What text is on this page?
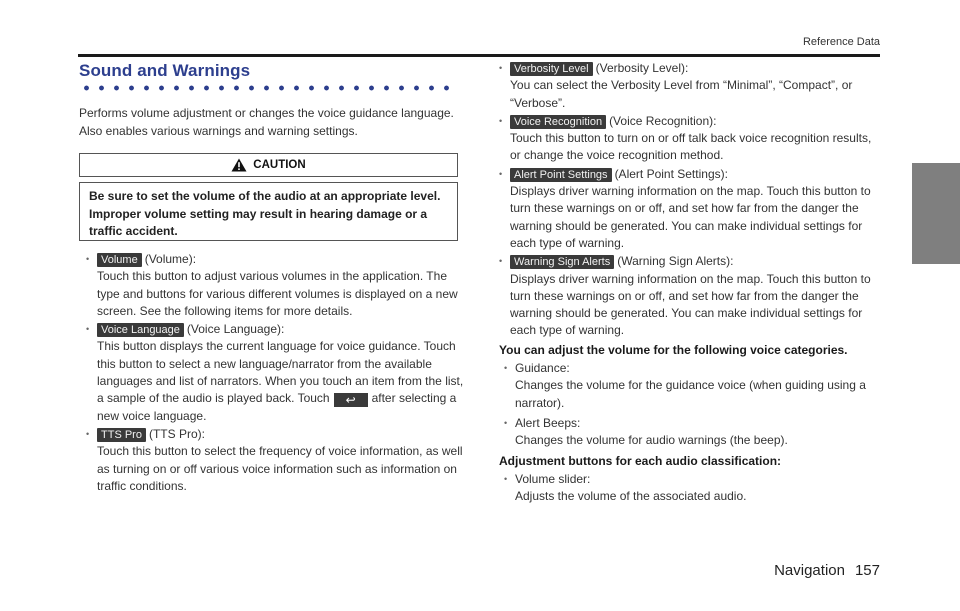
Reference Data
Sound and Warnings
Performs volume adjustment or changes the voice guidance language. Also enables various warnings and warning settings.
CAUTION
Be sure to set the volume of the audio at an appropriate level. Improper volume setting may result in hearing damage or a traffic accident.
•	Volume (Volume):

Touch this button to adjust various volumes in the application. The type and buttons for various different volumes is displayed on a new screen. See the following items for more details.

•	Voice Language (Voice Language):

This button displays the current language for voice guidance. Touch this button to select a new language/narrator from the available languages and list of narrators. When you touch an item from the list, a sample of the audio is played back. Touch ↩ after selecting a new voice language.

•	TTS Pro (TTS Pro):

Touch this button to select the frequency of voice information, as well as turning on or off various voice information such as information on traffic conditions.

•	Verbosity Level (Verbosity Level):

You can select the Verbosity Level from “Minimal”, “Compact”, or “Verbose”.

•	Voice Recognition (Voice Recognition):

Touch this button to turn on or off talk back voice recognition results, or change the voice recognition method.

•	Alert Point Settings (Alert Point Settings):

Displays driver warning information on the map. Touch this button to turn these warnings on or off, and set how far from the danger the warning should be generated. You can make individual settings for each type of warning.

•	Warning Sign Alerts (Warning Sign Alerts):

Displays driver warning information on the map. Touch this button to turn these warnings on or off, and set how far from the danger the warning should be generated. You can make individual settings for each type of warning.

You can adjust the volume for the following voice categories.

• Guidance:

Changes the volume for the guidance voice (when guiding using a narrator).

• Alert Beeps:

Changes the volume for audio warnings (the beep).

Adjustment buttons for each audio classification:

• Volume slider:

Adjusts the volume of the associated audio.

Navigation 157
